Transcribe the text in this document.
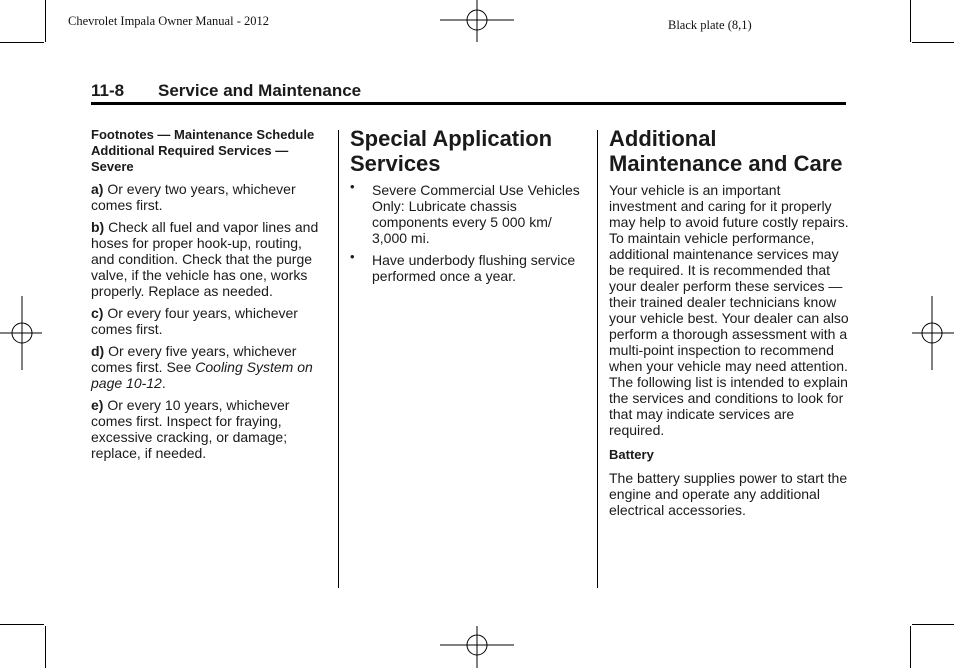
Chevrolet Impala Owner Manual - 2012	Black plate (8,1)
11-8 Service and Maintenance
Footnotes — Maintenance Schedule Additional Required Services — Severe

a) Or every two years, whichever comes first.

b) Check all fuel and vapor lines and hoses for proper hook-up, routing, and condition. Check that the purge valve, if the vehicle has one, works properly. Replace as needed.

c) Or every four years, whichever comes first.

d) Or every five years, whichever comes first. See Cooling System on page 10-12.

e) Or every 10 years, whichever comes first. Inspect for fraying, excessive cracking, or damage; replace, if needed.

Special Application Services
• Severe Commercial Use Vehicles Only: Lubricate chassis components every 5 000 km/ 3,000 mi.
• Have underbody flushing service performed once a year.
Additional Maintenance and Care

Your vehicle is an important investment and caring for it properly may help to avoid future costly repairs. To maintain vehicle performance, additional maintenance services may be required. It is recommended that your dealer perform these services — their trained dealer technicians know your vehicle best. Your dealer can also perform a thorough assessment with a multi-point inspection to recommend when your vehicle may need attention. The following list is intended to explain the services and conditions to look for that may indicate services are required.

Battery

The battery supplies power to start the engine and operate any additional electrical accessories.
